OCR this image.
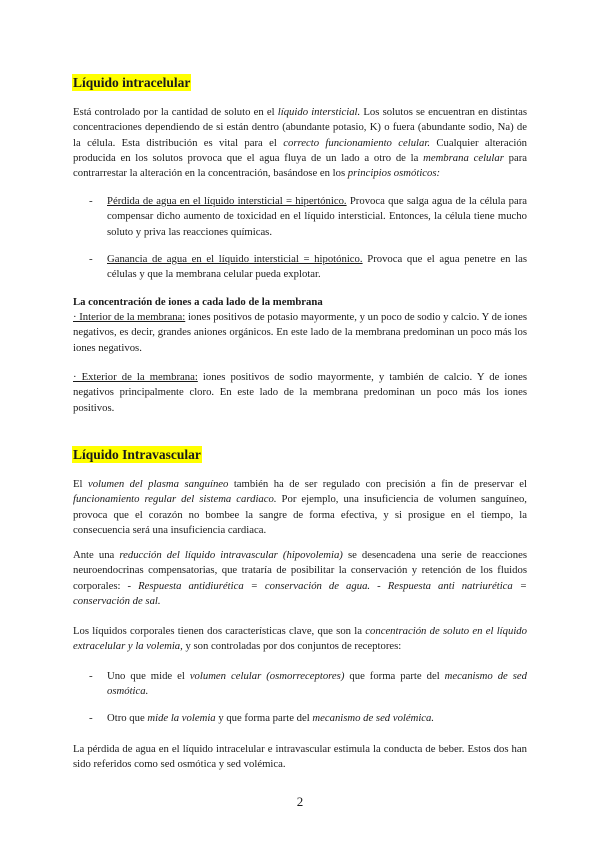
Líquido intracelular

Está controlado por la cantidad de soluto en el líquido intersticial. Los solutos se encuentran en distintas concentraciones dependiendo de si están dentro (abundante potasio, K) o fuera (abundante sodio, Na) de la célula. Esta distribución es vital para el correcto funcionamiento celular. Cualquier alteración producida en los solutos provoca que el agua fluya de un lado a otro de la membrana celular para contrarrestar la alteración en la concentración, basándose en los principios osmóticos:

- Pérdida de agua en el líquido intersticial = hipertónico. Provoca que salga agua de la célula para compensar dicho aumento de toxicidad en el líquido intersticial. Entonces, la célula tiene mucho soluto y priva las reacciones químicas.

- Ganancia de agua en el líquido intersticial = hipotónico. Provoca que el agua penetre en las células y que la membrana celular pueda explotar.

La concentración de iones a cada lado de la membrana

· Interior de la membrana: iones positivos de potasio mayormente, y un poco de sodio y calcio. Y de iones negativos, es decir, grandes aniones orgánicos. En este lado de la membrana predominan un poco más los iones negativos.

· Exterior de la membrana: iones positivos de sodio mayormente, y también de calcio. Y de iones negativos principalmente cloro. En este lado de la membrana predominan un poco más los iones positivos.

Líquido Intravascular

El volumen del plasma sanguíneo también ha de ser regulado con precisión a fin de preservar el funcionamiento regular del sistema cardiaco. Por ejemplo, una insuficiencia de volumen sanguíneo, provoca que el corazón no bombee la sangre de forma efectiva, y si prosigue en el tiempo, la consecuencia será una insuficiencia cardiaca.

Ante una reducción del líquido intravascular (hipovolemia) se desencadena una serie de reacciones neuroendocrinas compensatorias, que trataría de posibilitar la conservación y retención de los fluidos corporales: - Respuesta antidiurética = conservación de agua. - Respuesta anti natriurética = conservación de sal.

Los líquidos corporales tienen dos características clave, que son la concentración de soluto en el líquido extracelular y la volemia, y son controladas por dos conjuntos de receptores:

- Uno que mide el volumen celular (osmorreceptores) que forma parte del mecanismo de sed osmótica.

- Otro que mide la volemia y que forma parte del mecanismo de sed volémica.

La pérdida de agua en el líquido intracelular e intravascular estimula la conducta de beber. Estos dos han sido referidos como sed osmótica y sed volémica.

2
